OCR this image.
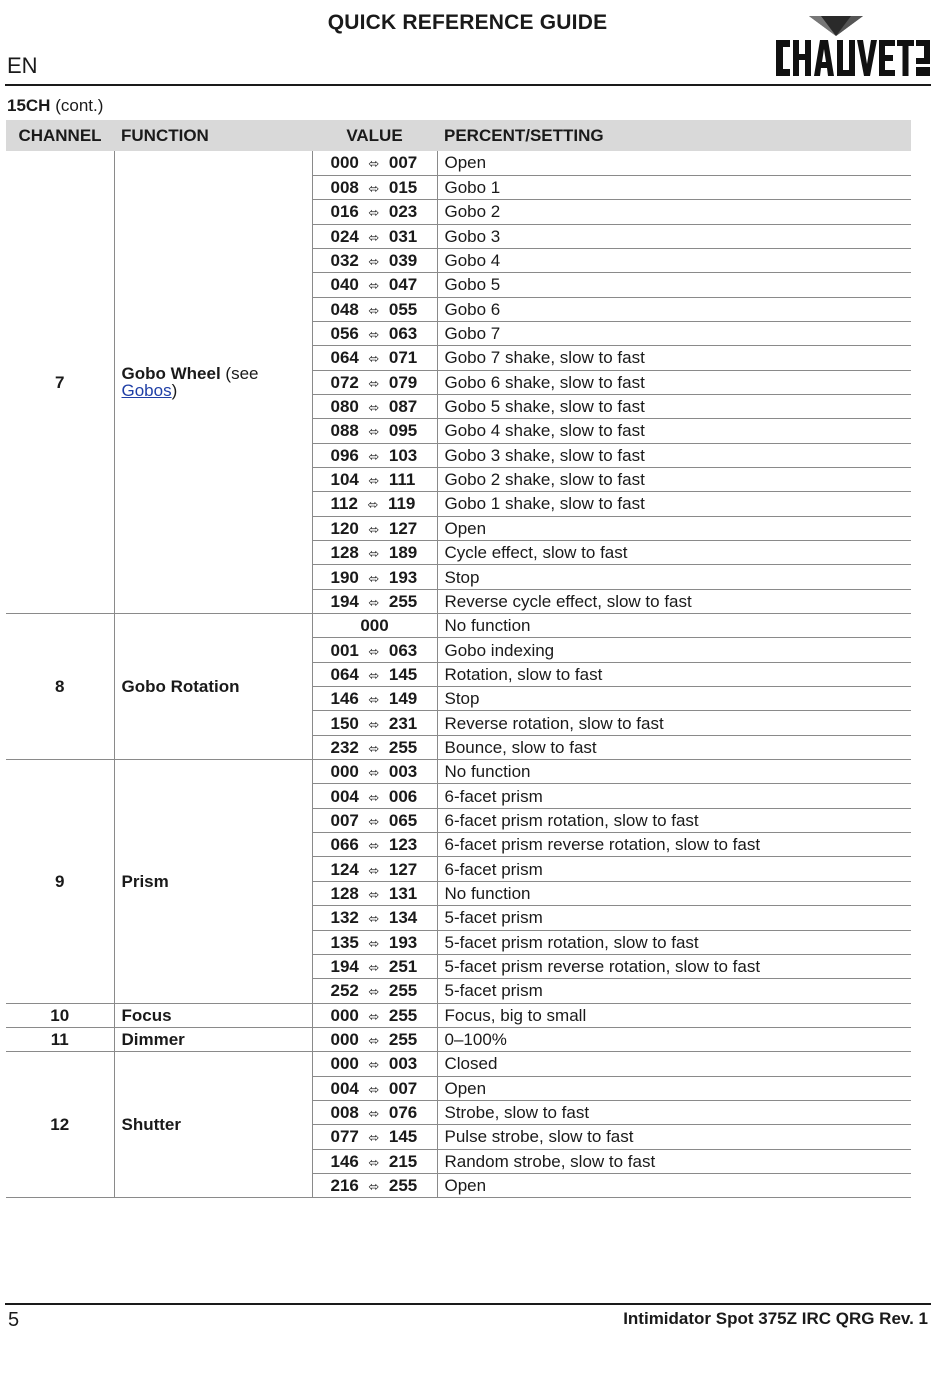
QUICK REFERENCE GUIDE
EN
15CH (cont.)
CHANNEL	FUNCTION	VALUE	PERCENT/SETTING
7	Gobo Wheel (see
Gobos)	000 ⬄ 007	Open
		008 ⬄ 015	Gobo 1
		016 ⬄ 023	Gobo 2
		024 ⬄ 031	Gobo 3
		032 ⬄ 039	Gobo 4
		040 ⬄ 047	Gobo 5
		048 ⬄ 055	Gobo 6
		056 ⬄ 063	Gobo 7
		064 ⬄ 071	Gobo 7 shake, slow to fast
		072 ⬄ 079	Gobo 6 shake, slow to fast
		080 ⬄ 087	Gobo 5 shake, slow to fast
		088 ⬄ 095	Gobo 4 shake, slow to fast
		096 ⬄ 103	Gobo 3 shake, slow to fast
		104 ⬄ 111	Gobo 2 shake, slow to fast
		112 ⬄ 119	Gobo 1 shake, slow to fast
		120 ⬄ 127	Open
		128 ⬄ 189	Cycle effect, slow to fast
		190 ⬄ 193	Stop
		194 ⬄ 255	Reverse cycle effect, slow to fast
8	Gobo Rotation	000	No function
		001 ⬄ 063	Gobo indexing
		064 ⬄ 145	Rotation, slow to fast
		146 ⬄ 149	Stop
		150 ⬄ 231	Reverse rotation, slow to fast
		232 ⬄ 255	Bounce, slow to fast
9	Prism	000 ⬄ 003	No function
		004 ⬄ 006	6-facet prism
		007 ⬄ 065	6-facet prism rotation, slow to fast
		066 ⬄ 123	6-facet prism reverse rotation, slow to fast
		124 ⬄ 127	6-facet prism
		128 ⬄ 131	No function
		132 ⬄ 134	5-facet prism
		135 ⬄ 193	5-facet prism rotation, slow to fast
		194 ⬄ 251	5-facet prism reverse rotation, slow to fast
		252 ⬄ 255	5-facet prism
10	Focus	000 ⬄ 255	Focus, big to small
11	Dimmer	000 ⬄ 255	0–100%
12	Shutter	000 ⬄ 003	Closed
		004 ⬄ 007	Open
		008 ⬄ 076	Strobe, slow to fast
		077 ⬄ 145	Pulse strobe, slow to fast
		146 ⬄ 215	Random strobe, slow to fast
		216 ⬄ 255	Open
5	Intimidator Spot 375Z IRC QRG Rev. 1
